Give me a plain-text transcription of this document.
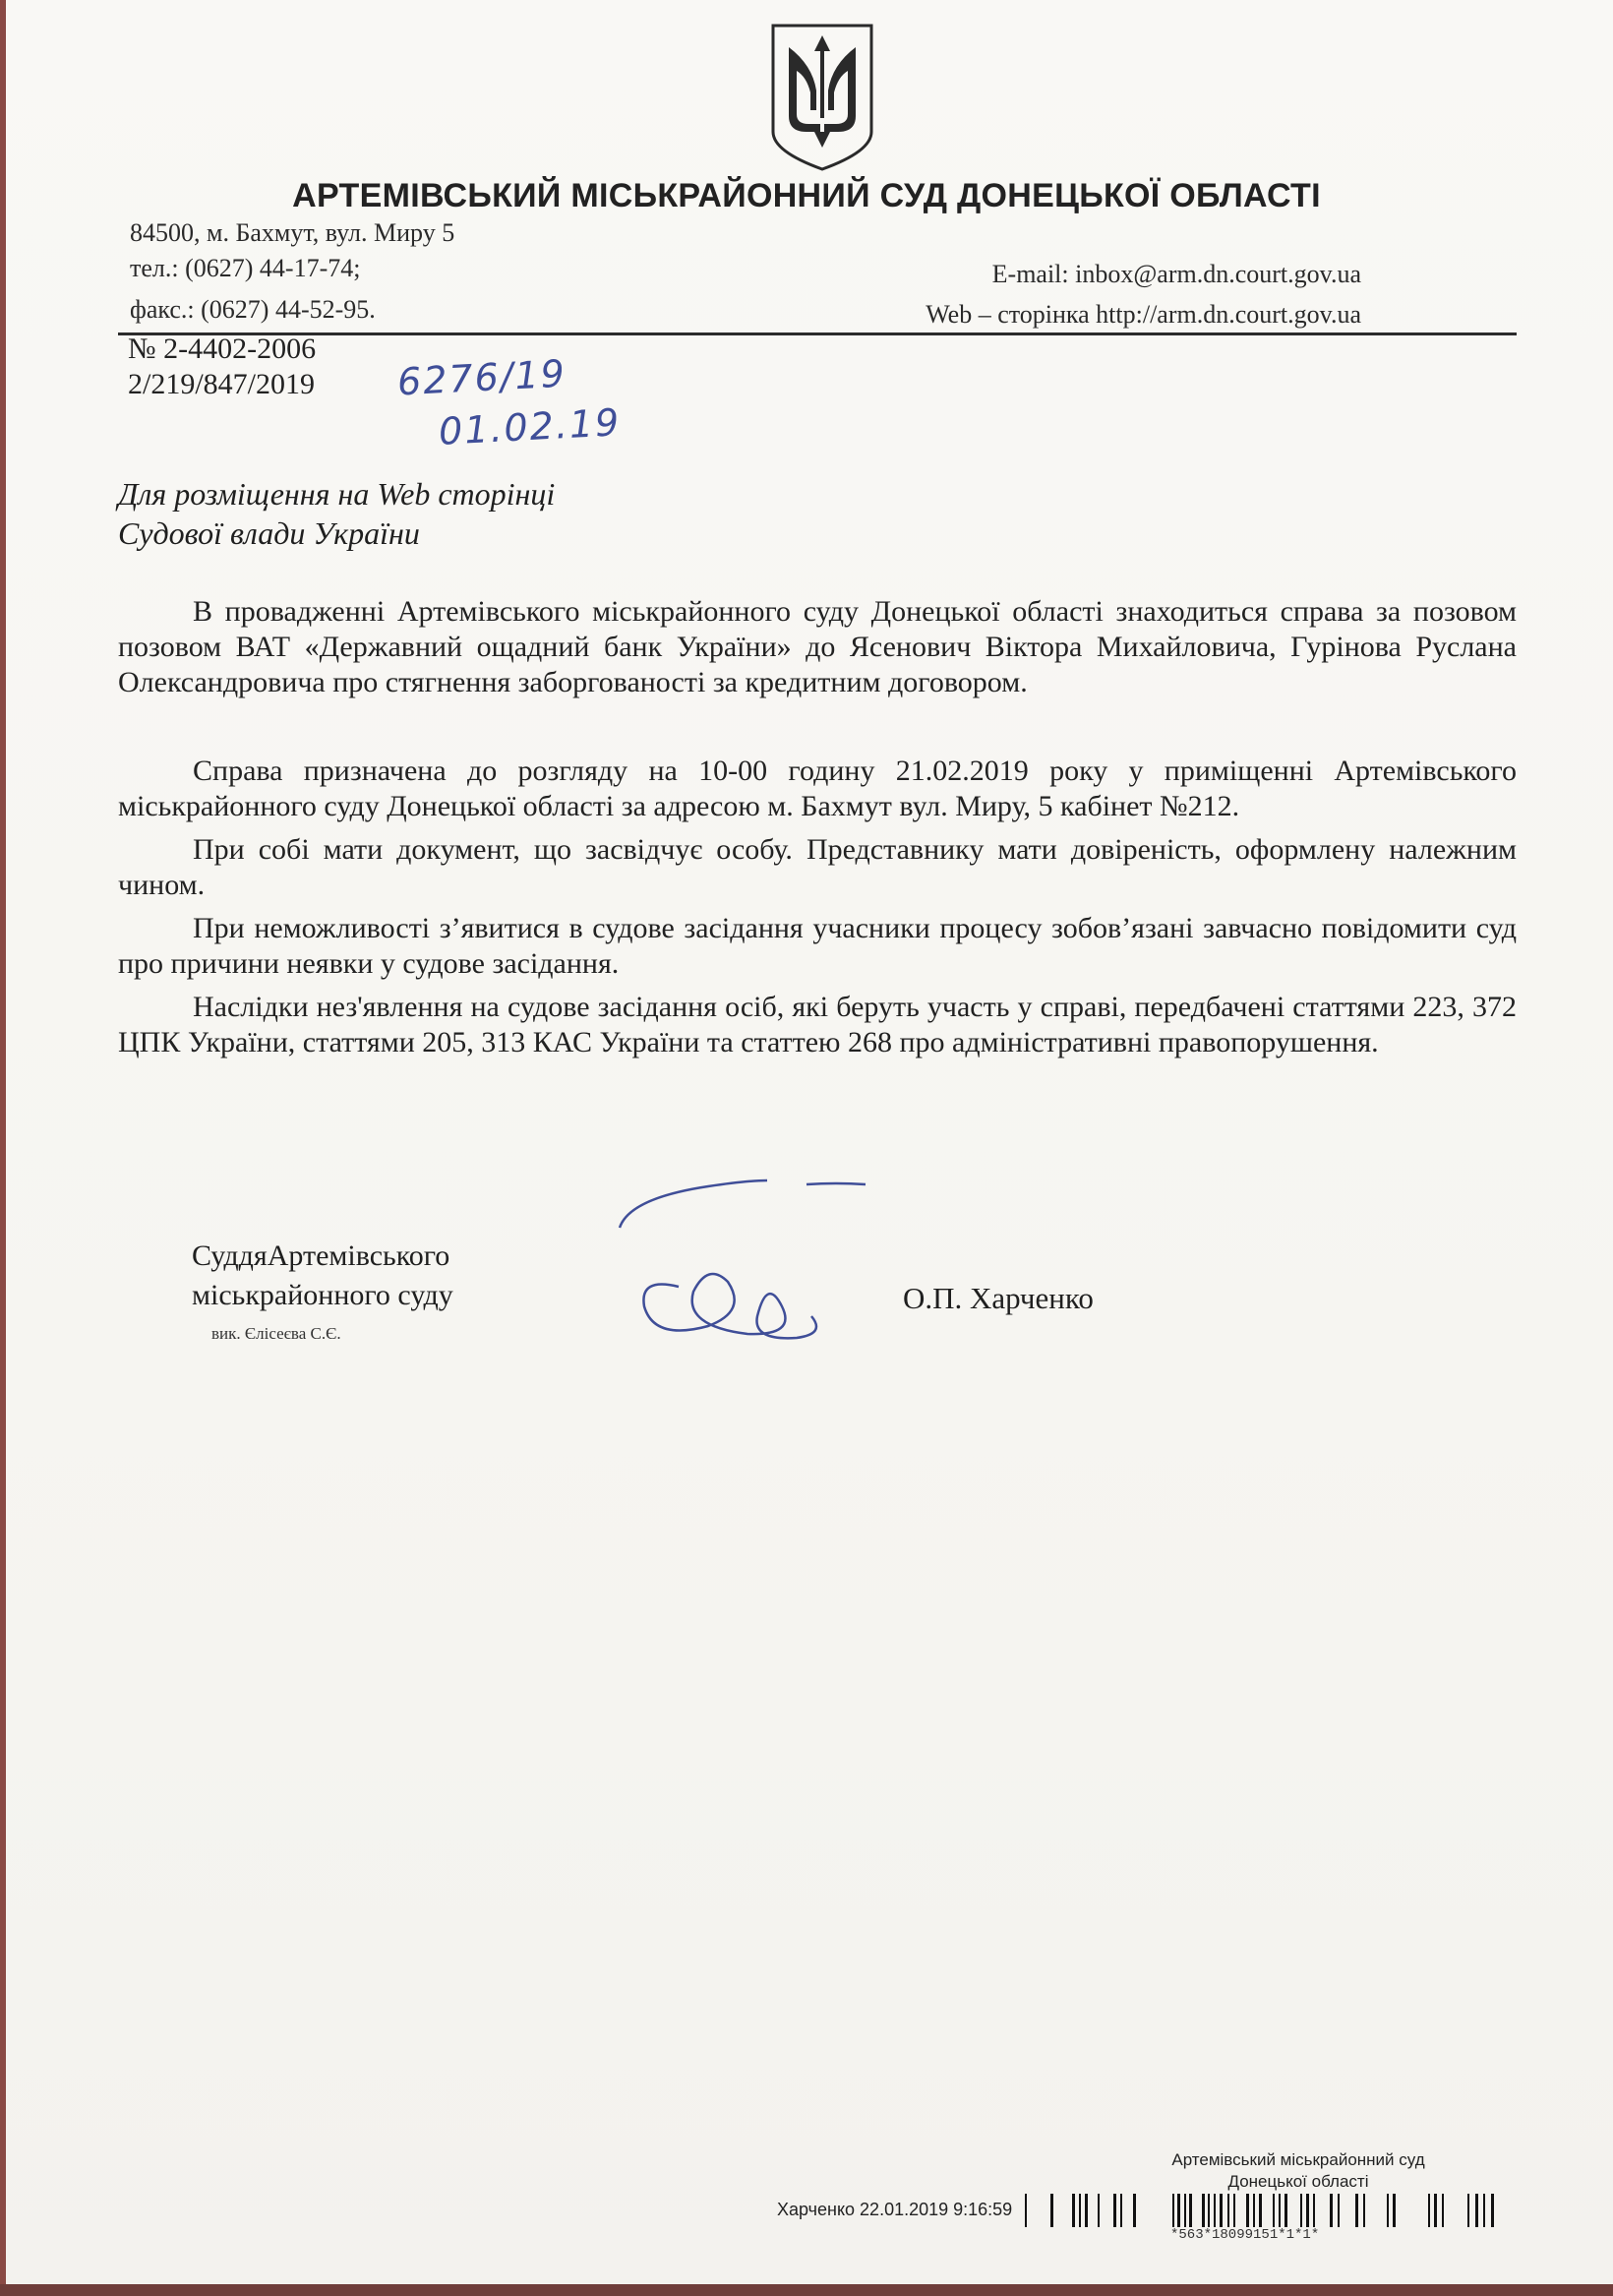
АРТЕМІВСЬКИЙ МІСЬКРАЙОННИЙ СУД ДОНЕЦЬКОЇ ОБЛАСТІ
84500, м. Бахмут, вул. Миру 5
тел.: (0627) 44-17-74;	E-mail: inbox@arm.dn.court.gov.ua
факс.: (0627) 44-52-95.	Web – сторінка http://arm.dn.court.gov.ua
№ 2-4402-2006
2/219/847/2019 6276/19
01.02.19
Для розміщення на Web сторінці
Судової влади України
В провадженні Артемівського міськрайонного суду Донецької області знаходиться справа за позовом позовом ВАТ «Державний ощадний банк України» до Ясенович Віктора Михайловича, Гурінова Руслана Олександровича про стягнення заборгованості за кредитним договором.
Справа призначена до розгляду на 10-00 годину 21.02.2019 року у приміщенні Артемівського міськрайонного суду Донецької області за адресою м. Бахмут вул. Миру, 5 кабінет №212.
При собі мати документ, що засвідчує особу. Представнику мати довіреність, оформлену належним чином.
При неможливості з’явитися в судове засідання учасники процесу зобов’язані завчасно повідомити суд про причини неявки у судове засідання.
Наслідки нез'явлення на судове засідання осіб, які беруть участь у справі, передбачені статтями 223, 372 ЦПК України, статтями 205, 313 КАС України та статтею 268 про адміністративні правопорушення.
СуддяАртемівського
міськрайонного суду
вик. Єлісеєва С.Є.
О.П. Харченко
Артемівський міськрайонний суд
Донецької області
Харченко 22.01.2019 9:16:59
*563*18099151*1*1*
